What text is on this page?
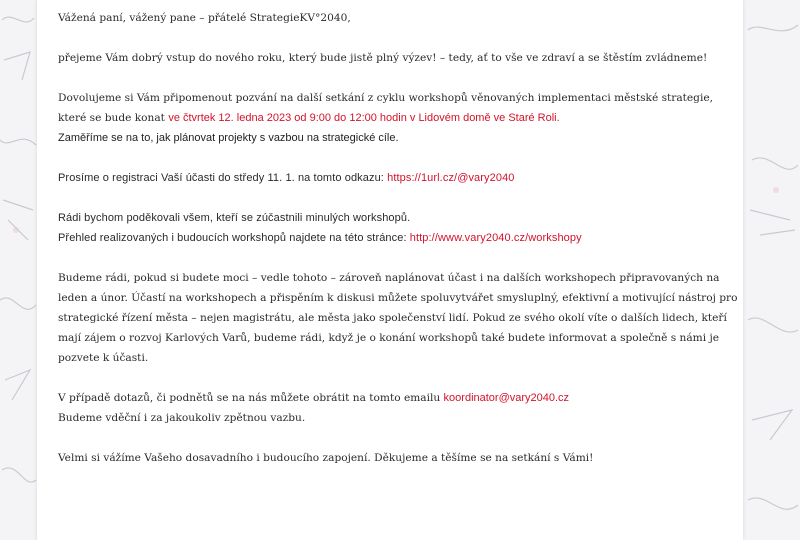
Vážená paní, vážený pane – přátelé StrategieKV°2040,

přejeme Vám dobrý vstup do nového roku, který bude jistě plný výzev! – tedy, ať to vše ve zdraví a se štěstím zvládneme!

Dovolujeme si Vám připomenout pozvání na další setkání z cyklu workshopů věnovaných implementaci městské strategie, které se bude konat ve čtvrtek 12. ledna 2023 od 9:00 do 12:00 hodin v Lidovém domě ve Staré Roli.
Zaměříme se na to, jak plánovat projekty s vazbou na strategické cíle.

Prosíme o registraci Vaší účasti do středy 11. 1. na tomto odkazu: https://1url.cz/@vary2040

Rádi bychom poděkovali všem, kteří se zúčastnili minulých workshopů.
Přehled realizovaných i budoucích workshopů najdete na této stránce: http://www.vary2040.cz/workshopy

Budeme rádi, pokud si budete moci – vedle tohoto – zároveň naplánovat účast i na dalších workshopech připravovaných na leden a únor. Účastí na workshopech a přispěním k diskusi můžete spoluvytvářet smysluplný, efektivní a motivující nástroj pro strategické řízení města – nejen magistrátu, ale města jako společenství lidí. Pokud ze svého okolí víte o dalších lidech, kteří mají zájem o rozvoj Karlových Varů, budeme rádi, když je o konání workshopů také budete informovat a společně s námi je pozvete k účasti.

V případě dotazů, či podnětů se na nás můžete obrátit na tomto emailu koordinator@vary2040.cz
Budeme vděční i za jakoukoliv zpětnou vazbu.

Velmi si vážíme Vašeho dosavadního i budoucího zapojení. Děkujeme a těšíme se na setkání s Vámi!
